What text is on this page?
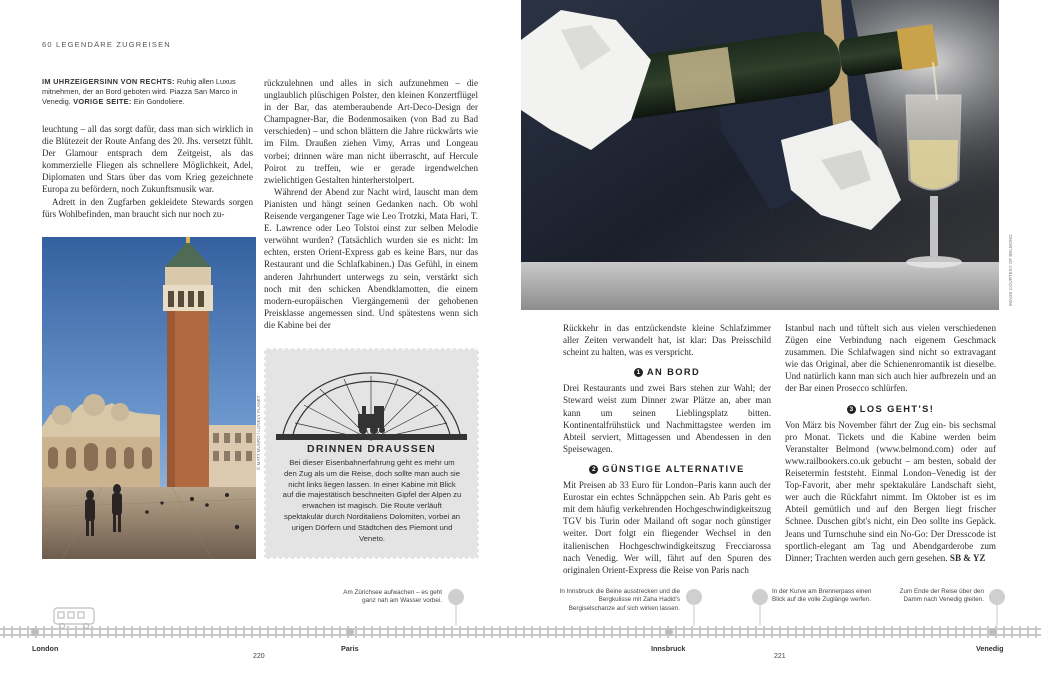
60 LEGENDÄRE ZUGREISEN
IM UHRZEIGERSINN VON RECHTS: Ruhig allen Luxus mitnehmen, der an Bord geboten wird. Piazza San Marco in Venedig. VORIGE SEITE: Ein Gondoliere.

leuchtung – all das sorgt dafür, dass man sich wirklich in die Blütezeit der Route Anfang des 20. Jhs. versetzt fühlt. Der Glamour entsprach dem Zeitgeist, als das kommerzielle Fliegen als schnellere Möglichkeit, Adel, Diplomaten und Stars über das vom Krieg gezeichnete Europa zu befördern, noch Zukunftsmusik war.

Adrett in den Zugfarben gekleidete Stewards sorgen fürs Wohlbefinden, man braucht sich nur noch zu-

© MATT MUNRO / LONELY PLANET

rückzulehnen und alles in sich aufzunehmen – die unglaublich plüschigen Polster, den kleinen Konzertflügel in der Bar, das atemberaubende Art-Deco-Design der Champagner-Bar, die Bodenmosaiken (von Bad zu Bad verschieden) – und schon blättern die Jahre rückwärts wie im Film. Draußen ziehen Vimy, Arras und Longeau vorbei; drinnen wäre man nicht überrascht, auf Hercule Poirot zu treffen, wie er gerade irgendwelchen zwielichtigen Gestalten hinterherstolpert.

Während der Abend zur Nacht wird, lauscht man dem Pianisten und hängt seinen Gedanken nach. Ob wohl Reisende vergangener Tage wie Leo Trotzki, Mata Hari, T. E. Lawrence oder Leo Tolstoi einst zur selben Melodie verwöhnt wurden? (Tatsächlich wurden sie es nicht: Im echten, ersten Orient-Express gab es keine Bars, nur das Restaurant und die Schlafkabinen.) Das Gefühl, in einem anderen Jahrhundert unterwegs zu sein, verstärkt sich noch mit den schicken Abendklamotten, die einem modern-europäischen Viergängemenü der gehobenen Preisklasse angemessen sind. Und spätestens wenn sich die Kabine bei der

DRINNEN DRAUSSEN
Bei dieser Eisenbahnerfahrung geht es mehr um den Zug als um die Reise, doch sollte man auch sie nicht links liegen lassen. In einer Kabine mit Blick auf die majestätisch beschneiten Gipfel der Alpen zu erwachen ist magisch. Die Route verläuft spektakulär durch Norditaliens Dolomiten, vorbei an urigen Dörfern und Städtchen des Piemont und Veneto.
IMAGE COURTESY OF BELMOND

Rückkehr in das entzückendste kleine Schlafzimmer aller Zeiten verwandelt hat, ist klar: Das Preisschild scheint zu halten, was es verspricht.

1 AN BORD

Drei Restaurants und zwei Bars stehen zur Wahl; der Steward weist zum Dinner zwar Plätze an, aber man kann um seinen Lieblingsplatz bitten. Kontinentalfrühstück und Nachmittagstee werden im Abteil serviert, Mittagessen und Abendessen in den Speisewagen.

2 GÜNSTIGE ALTERNATIVE

Mit Preisen ab 33 Euro für London–Paris kann auch der Eurostar ein echtes Schnäppchen sein. Ab Paris geht es mit dem häufig verkehrenden Hochgeschwindigkeitszug TGV bis Turin oder Mailand oft sogar noch günstiger weiter. Dort folgt ein fliegender Wechsel in den italienischen Hochgeschwindigkeitszug Frecciarossa nach Venedig. Wer will, fährt auf den Spuren des originalen Orient-Express die Reise von Paris nach

Istanbul nach und tüftelt sich aus vielen verschiedenen Zügen eine Verbindung nach eigenem Geschmack zusammen. Die Schlafwagen sind nicht so extravagant wie das Original, aber die Schienenromantik ist dieselbe. Und natürlich kann man sich auch hier aufbrezeln und an der Bar einen Prosecco schlürfen.

3 LOS GEHT'S!

Von März bis November fährt der Zug ein- bis sechsmal pro Monat. Tickets und die Kabine werden beim Veranstalter Belmond (www.belmond.com) oder auf www.railbookers.co.uk gebucht – am besten, sobald der Reisetermin feststeht. Einmal London–Venedig ist der Top-Favorit, aber mehr spektakuläre Landschaft sieht, wer auch die Rückfahrt nimmt. Im Oktober ist es im Abteil gemütlich und auf den Bergen liegt frischer Schnee. Duschen gibt's nicht, ein Deo sollte ins Gepäck. Jeans und Turnschuhe sind ein No-Go: Der Dresscode ist sportlich-elegant am Tag und Abendgarderobe zum Dinner; Trachten werden auch gern gesehen. SB & YZ

Am Zürichsee aufwachen – es geht ganz nah am Wasser vorbei.
In Innsbruck die Beine ausstrecken und die Bergkulisse mit Zaha Hadid's Bergiselschanze auf sich wirken lassen.
In der Kurve am Brennerpass einen Blick auf die volle Zuglänge werfen.
Zum Ende der Reise über den Damm nach Venedig gleiten.
London	Paris	Innsbruck	Venedig
220	221
